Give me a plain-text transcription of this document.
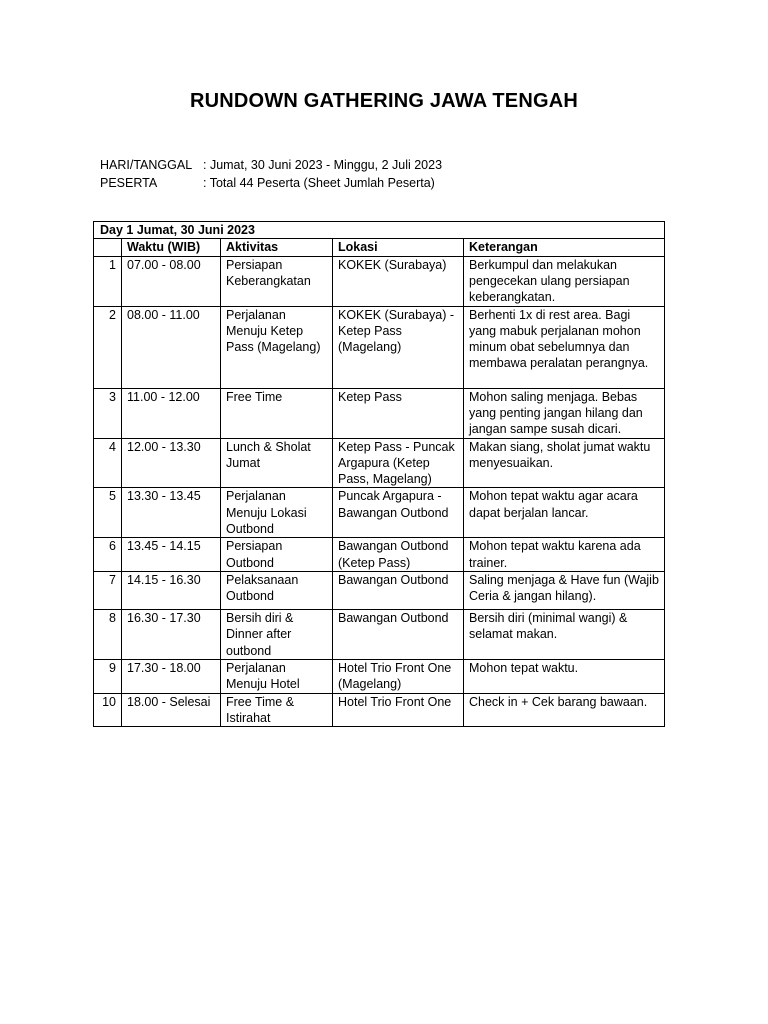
RUNDOWN GATHERING JAWA TENGAH
HARI/TANGGAL : Jumat, 30 Juni 2023 - Minggu, 2 Juli 2023
PESERTA	: Total 44 Peserta (Sheet Jumlah Peserta)
Day 1 Jumat, 30 Juni 2023				
	Waktu (WIB)	Aktivitas	Lokasi	Keterangan
1	07.00 - 08.00	Persiapan Keberangkatan	KOKEK (Surabaya)	Berkumpul dan melakukan pengecekan ulang persiapan keberangkatan.
2	08.00 - 11.00	Perjalanan Menuju Ketep Pass (Magelang)	KOKEK (Surabaya) - Ketep Pass (Magelang)	Berhenti 1x di rest area. Bagi yang mabuk perjalanan mohon minum obat sebelumnya dan membawa peralatan perangnya.
3	11.00 - 12.00	Free Time	Ketep Pass	Mohon saling menjaga. Bebas yang penting jangan hilang dan jangan sampe susah dicari.
4	12.00 - 13.30	Lunch & Sholat Jumat	Ketep Pass - Puncak Argapura (Ketep Pass, Magelang)	Makan siang, sholat jumat waktu menyesuaikan.
5	13.30 - 13.45	Perjalanan Menuju Lokasi Outbond	Puncak Argapura - Bawangan Outbond	Mohon tepat waktu agar acara dapat berjalan lancar.
6	13.45 - 14.15	Persiapan Outbond	Bawangan Outbond (Ketep Pass)	Mohon tepat waktu karena ada trainer.
7	14.15 - 16.30	Pelaksanaan Outbond	Bawangan Outbond	Saling menjaga & Have fun (Wajib Ceria & jangan hilang).
8	16.30 - 17.30	Bersih diri & Dinner after outbond	Bawangan Outbond	Bersih diri (minimal wangi) & selamat makan.
9	17.30 - 18.00	Perjalanan Menuju Hotel	Hotel Trio Front One (Magelang)	Mohon tepat waktu.
10	18.00 - Selesai	Free Time & Istirahat	Hotel Trio Front One	Check in + Cek barang bawaan.
